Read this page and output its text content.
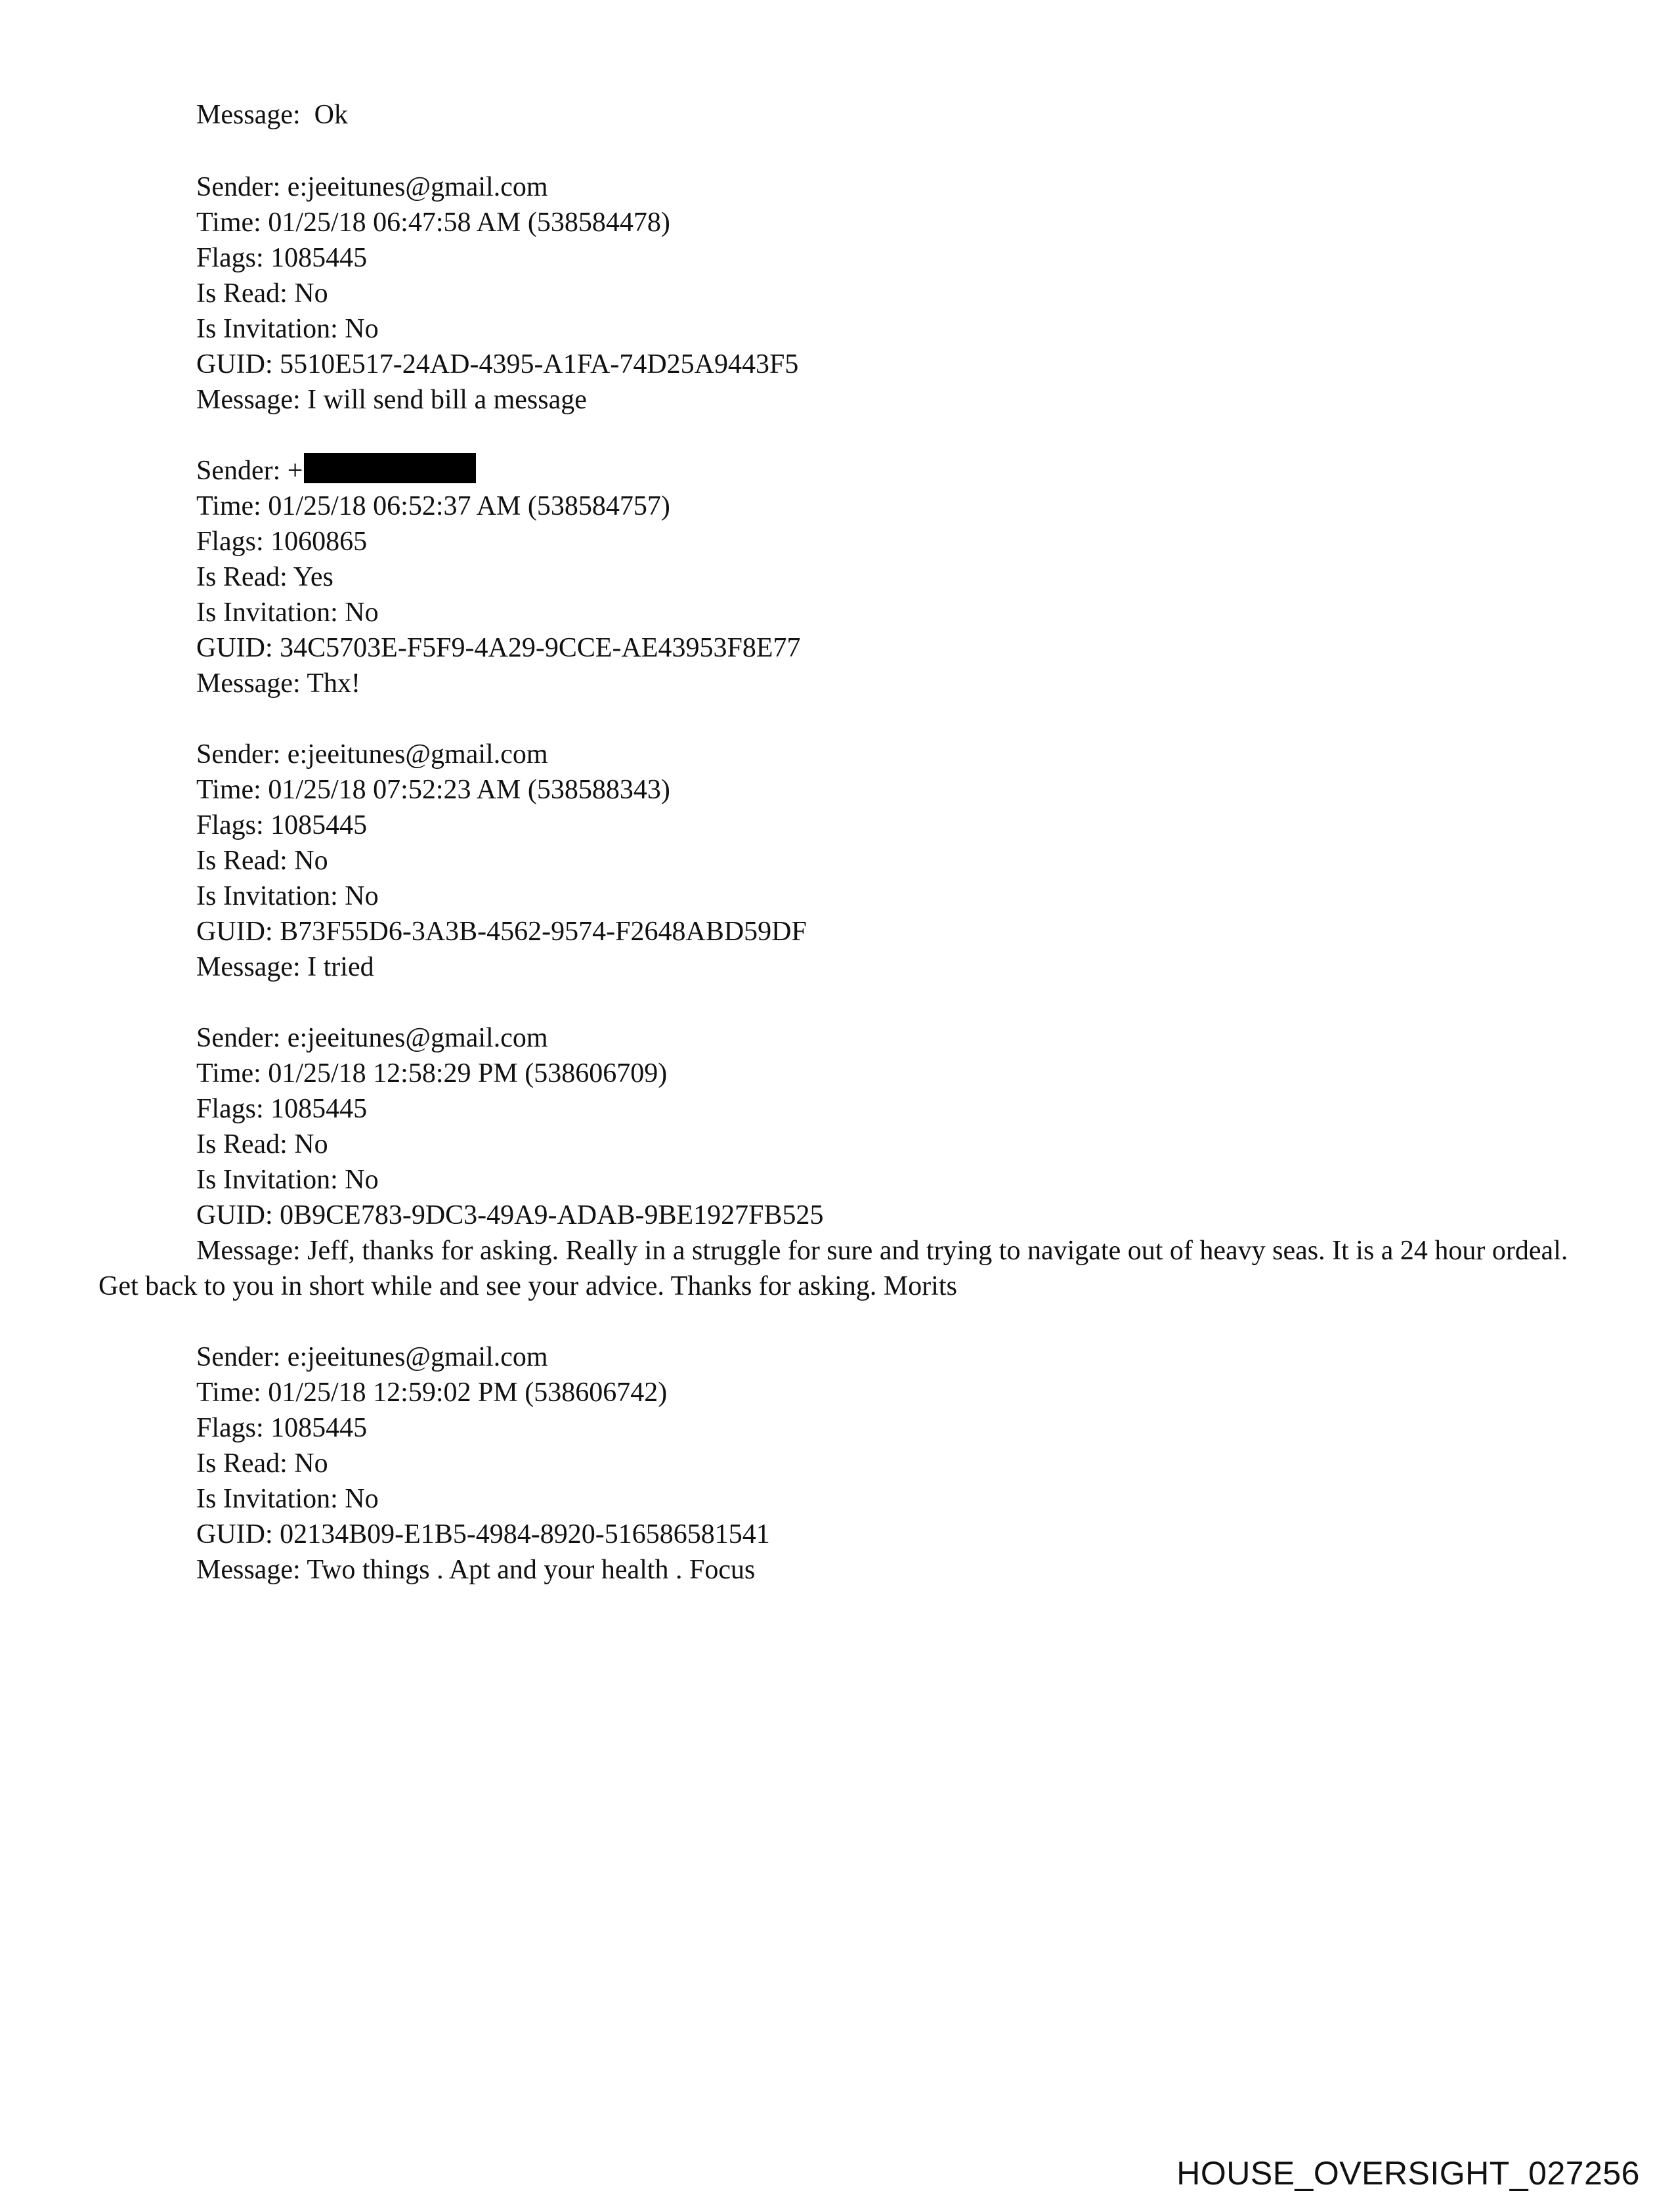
Message: Ok
Sender: e:jeeitunes@gmail.com
Time: 01/25/18 06:47:58 AM (538584478)
Flags: 1085445
Is Read: No
Is Invitation: No
GUID: 5510E517-24AD-4395-A1FA-74D25A9443F5
Message: I will send bill a message
Sender: +
Time: 01/25/18 06:52:37 AM (538584757)
Flags: 1060865
Is Read: Yes
Is Invitation: No
GUID: 34C5703E-F5F9-4A29-9CCE-AE43953F8E77
Message: Thx!
Sender: e:jeeitunes@gmail.com
Time: 01/25/18 07:52:23 AM (538588343)
Flags: 1085445
Is Read: No
Is Invitation: No
GUID: B73F55D6-3A3B-4562-9574-F2648ABD59DF
Message: I tried
Sender: e:jeeitunes@gmail.com
Time: 01/25/18 12:58:29 PM (538606709)
Flags: 1085445
Is Read: No
Is Invitation: No
GUID: 0B9CE783-9DC3-49A9-ADAB-9BE1927FB525
Message: Jeff, thanks for asking. Really in a struggle for sure and trying to navigate out of heavy seas. It is a 24 hour ordeal. Get back to you in short while and see your advice. Thanks for asking. Morits
Sender: e:jeeitunes@gmail.com
Time: 01/25/18 12:59:02 PM (538606742)
Flags: 1085445
Is Read: No
Is Invitation: No
GUID: 02134B09-E1B5-4984-8920-516586581541
Message: Two things . Apt and your health . Focus
HOUSE_OVERSIGHT_027256
